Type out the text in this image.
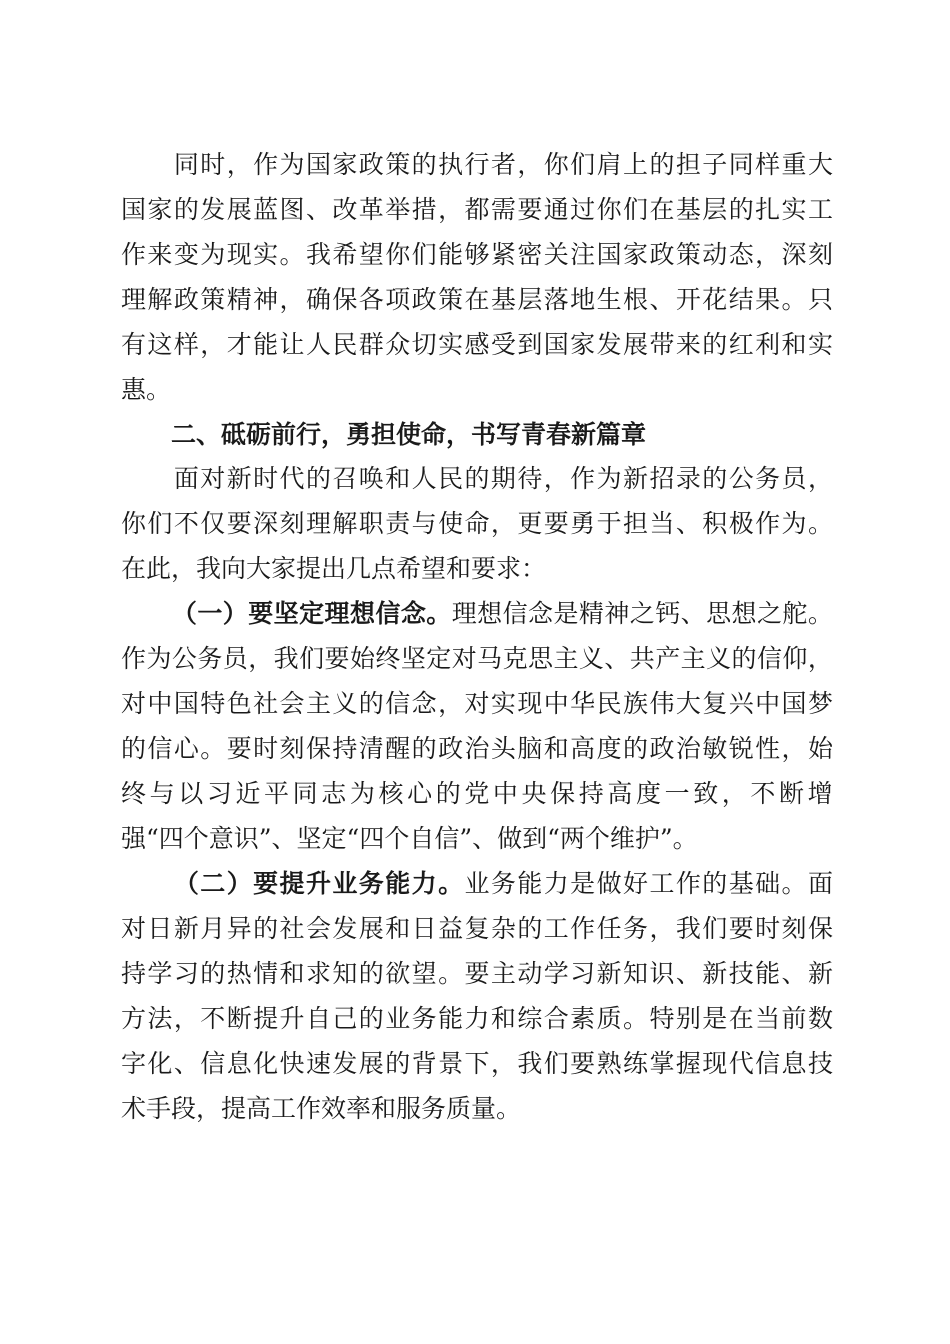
同 时 ， 作 为 国 家 政 策 的 执 行 者 ， 你 们 肩 上 的 担 子 同 样 重 大
国 家 的 发 展 蓝 图 、 改 革 举 措 ， 都 需 要 通 过 你 们 在 基 层 的 扎 实 工
作 来 变 为 现 实 。 我 希 望 你 们 能 够 紧 密 关 注 国 家 政 策 动 态 ， 深 刻
理 解 政 策 精 神 ， 确 保 各 项 政 策 在 基 层 落 地 生 根 、 开 花 结 果 。 只
有 这 样 ， 才 能 让 人 民 群 众 切 实 感 受 到 国 家 发 展 带 来 的 红 利 和 实
惠。
　　二、砥砺前行，勇担使命，书写青春新篇章

面 对 新 时 代 的 召 唤 和 人 民 的 期 待 ， 作 为 新 招 录 的 公 务 员 ，
你 们 不 仅 要 深 刻 理 解 职 责 与 使 命 ， 更 要 勇 于 担 当 、 积 极 作 为 。
在此，我向大家提出几点希望和要求：

（ 一 ） 要 坚 定 理 想 信 念 。 理 想 信 念 是 精 神 之 钙 、 思 想 之 舵 。
作 为 公 务 员 ， 我 们 要 始 终 坚 定 对 马 克 思 主 义 、 共 产 主 义 的 信 仰 ，
对 中 国 特 色 社 会 主 义 的 信 念 ， 对 实 现 中 华 民 族 伟 大 复 兴 中 国 梦
的 信 心 。 要 时 刻 保 持 清 醒 的 政 治 头 脑 和 高 度 的 政 治 敏 锐 性 ， 始
终 与 以 习 近 平 同 志 为 核 心 的 党 中 央 保 持 高 度 一 致 ， 不 断 增
强“四个意识”、坚定“四个自信”、做到“两个维护”。

（ 二 ） 要 提 升 业 务 能 力 。 业 务 能 力 是 做 好 工 作 的 基 础 。 面
对 日 新 月 异 的 社 会 发 展 和 日 益 复 杂 的 工 作 任 务 ， 我 们 要 时 刻 保
持 学 习 的 热 情 和 求 知 的 欲 望 。 要 主 动 学 习 新 知 识 、 新 技 能 、 新
方 法 ， 不 断 提 升 自 己 的 业 务 能 力 和 综 合 素 质 。 特 别 是 在 当 前 数
字 化 、 信 息 化 快 速 发 展 的 背 景 下 ， 我 们 要 熟 练 掌 握 现 代 信 息 技
术手段，提高工作效率和服务质量。
